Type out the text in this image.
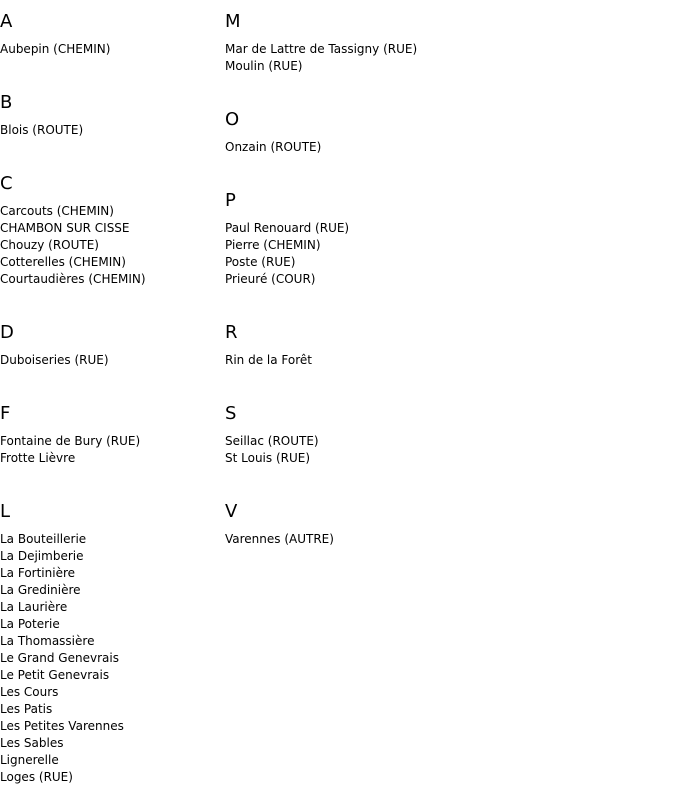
A
Aubepin (CHEMIN)
B
Blois (ROUTE)
C
Carcouts (CHEMIN)
CHAMBON SUR CISSE
Chouzy (ROUTE)
Cotterelles (CHEMIN)
Courtaudières (CHEMIN)
D
Duboiseries (RUE)
F
Fontaine de Bury (RUE)
Frotte Lièvre
L
La Bouteillerie
La Dejimberie
La Fortinière
La Gredinière
La Laurière
La Poterie
La Thomassière
Le Grand Genevrais
Le Petit Genevrais
Les Cours
Les Patis
Les Petites Varennes
Les Sables
Lignerelle
Loges (RUE)
M
Mar de Lattre de Tassigny (RUE)
Moulin (RUE)
O
Onzain (ROUTE)
P
Paul Renouard (RUE)
Pierre (CHEMIN)
Poste (RUE)
Prieuré (COUR)
R
Rin de la Forêt
S
Seillac (ROUTE)
St Louis (RUE)
V
Varennes (AUTRE)
